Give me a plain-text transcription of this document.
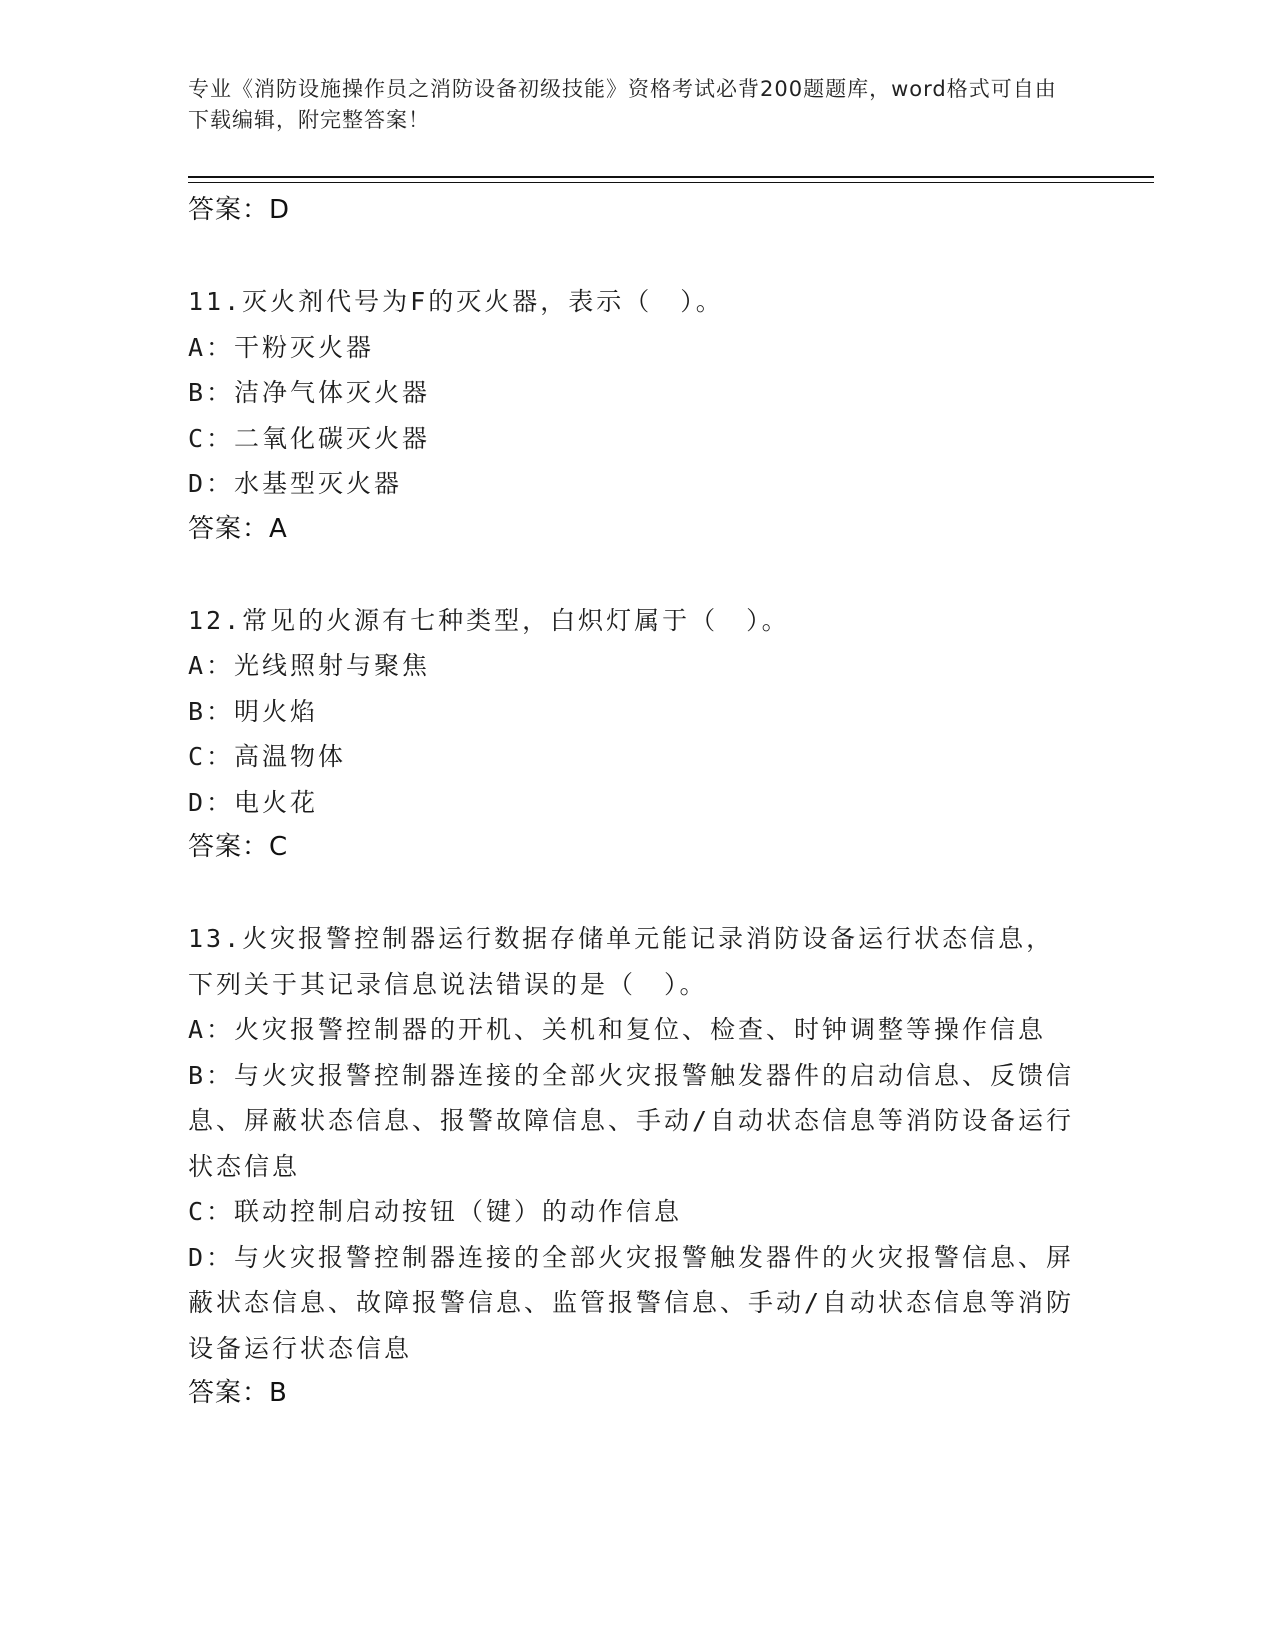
专业《消防设施操作员之消防设备初级技能》资格考试必背200题题库，word格式可自由下载编辑，附完整答案！
答案：D
11.灭火剂代号为F的灭火器，表示（　）。
A：干粉灭火器
B：洁净气体灭火器
C：二氧化碳灭火器
D：水基型灭火器
答案：A
12.常见的火源有七种类型，白炽灯属于（　）。
A：光线照射与聚焦
B：明火焰
C：高温物体
D：电火花
答案：C
13.火灾报警控制器运行数据存储单元能记录消防设备运行状态信息，下列关于其记录信息说法错误的是（　）。
A：火灾报警控制器的开机、关机和复位、检查、时钟调整等操作信息
B：与火灾报警控制器连接的全部火灾报警触发器件的启动信息、反馈信息、屏蔽状态信息、报警故障信息、手动/自动状态信息等消防设备运行状态信息
C：联动控制启动按钮（键）的动作信息
D：与火灾报警控制器连接的全部火灾报警触发器件的火灾报警信息、屏蔽状态信息、故障报警信息、监管报警信息、手动/自动状态信息等消防设备运行状态信息
答案：B
